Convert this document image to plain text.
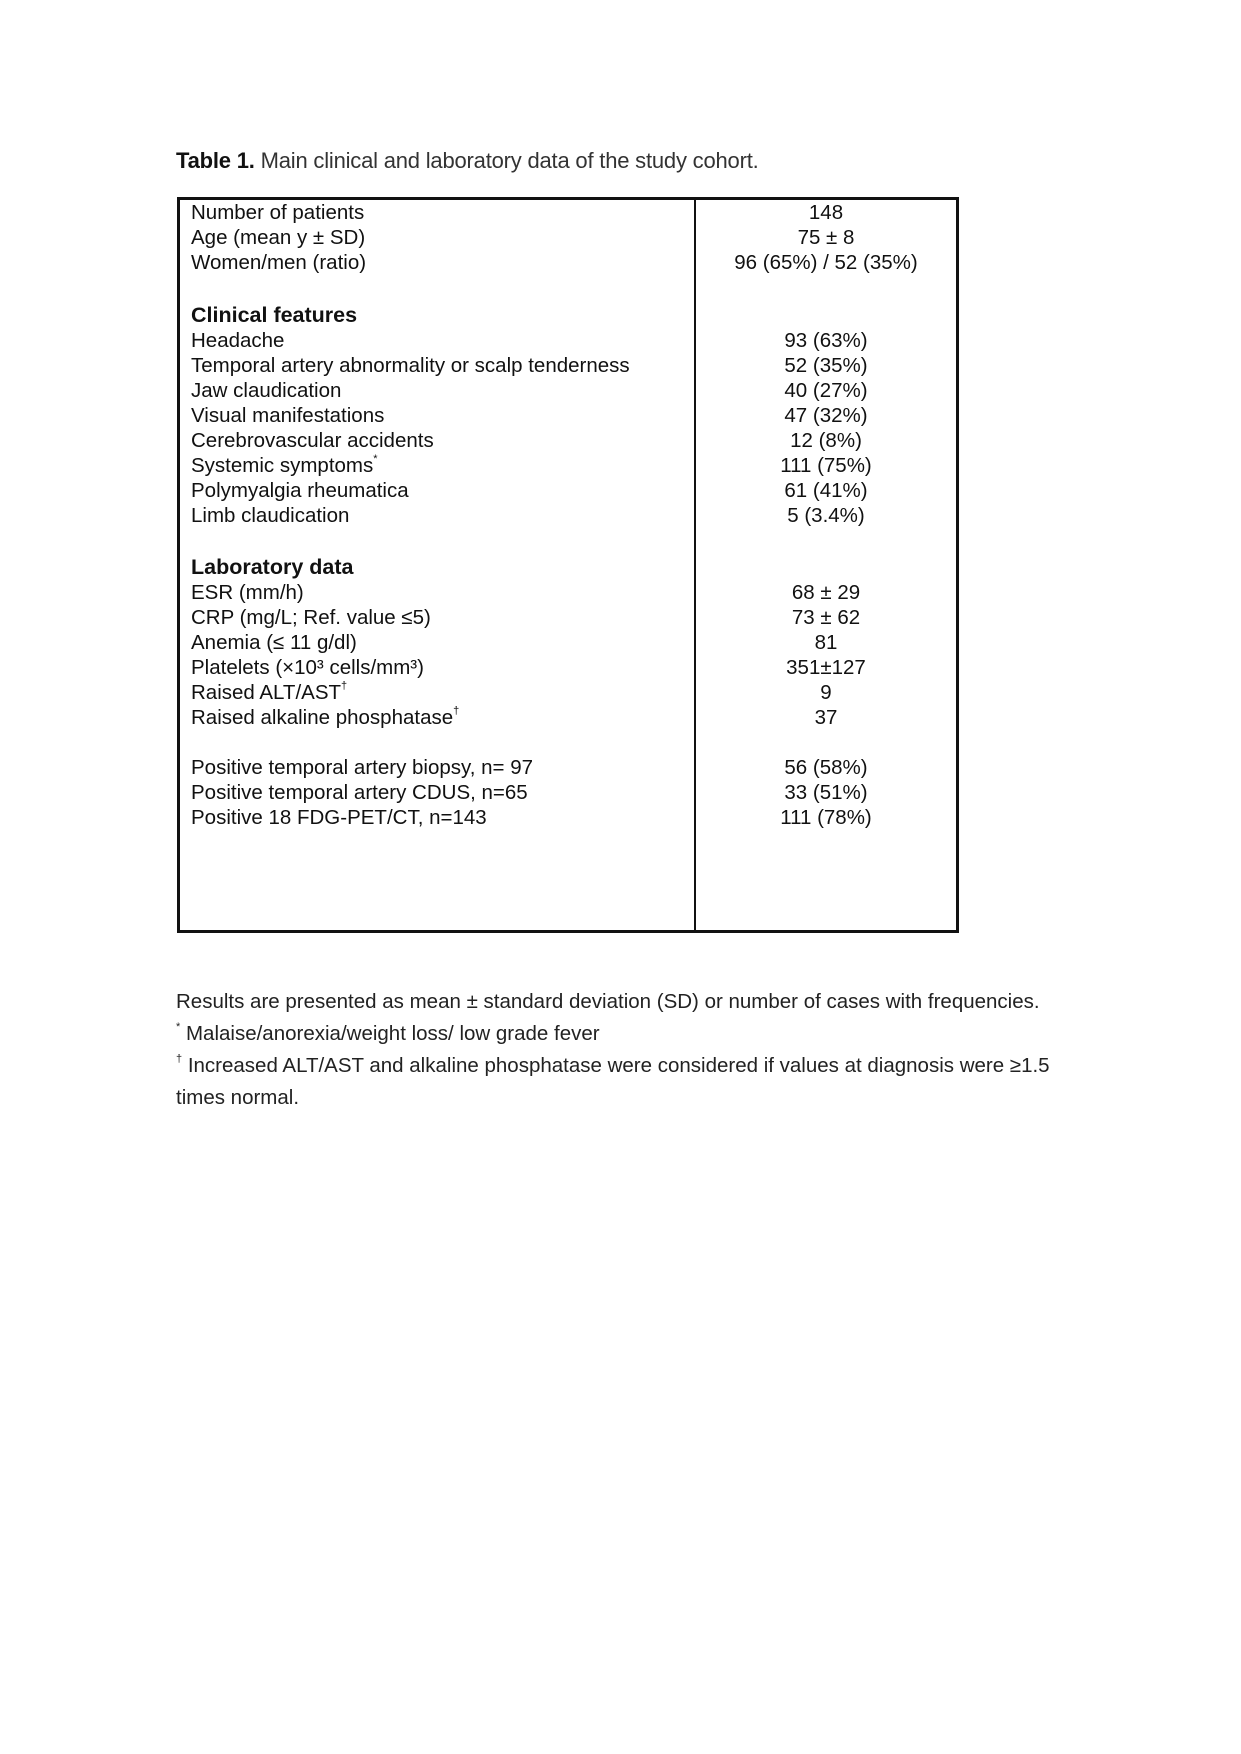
Table 1. Main clinical and laboratory data of the study cohort.
Number of patients	148
Age (mean y ± SD)	75 ± 8
Women/men (ratio)	96 (65%) / 52 (35%)
Clinical features
Headache	93 (63%)
Temporal artery abnormality or scalp tenderness	52 (35%)
Jaw claudication	40 (27%)
Visual manifestations	47 (32%)
Cerebrovascular accidents	12 (8%)
Systemic symptoms*	111 (75%)
Polymyalgia rheumatica	61 (41%)
Limb claudication	5 (3.4%)
Laboratory data
ESR (mm/h)	68 ± 29
CRP (mg/L; Ref. value ≤5)	73 ± 62
Anemia (≤ 11 g/dl)	81
Platelets (×10³ cells/mm³)	351±127
Raised ALT/AST†	9
Raised alkaline phosphatase†	37
Positive temporal artery biopsy, n= 97	56 (58%)
Positive temporal artery CDUS, n=65	33 (51%)
Positive 18 FDG-PET/CT, n=143	111 (78%)
Results are presented as mean ± standard deviation (SD) or number of cases with frequencies.
* Malaise/anorexia/weight loss/ low grade fever
† Increased ALT/AST and alkaline phosphatase were considered if values at diagnosis were ≥1.5
times normal.
